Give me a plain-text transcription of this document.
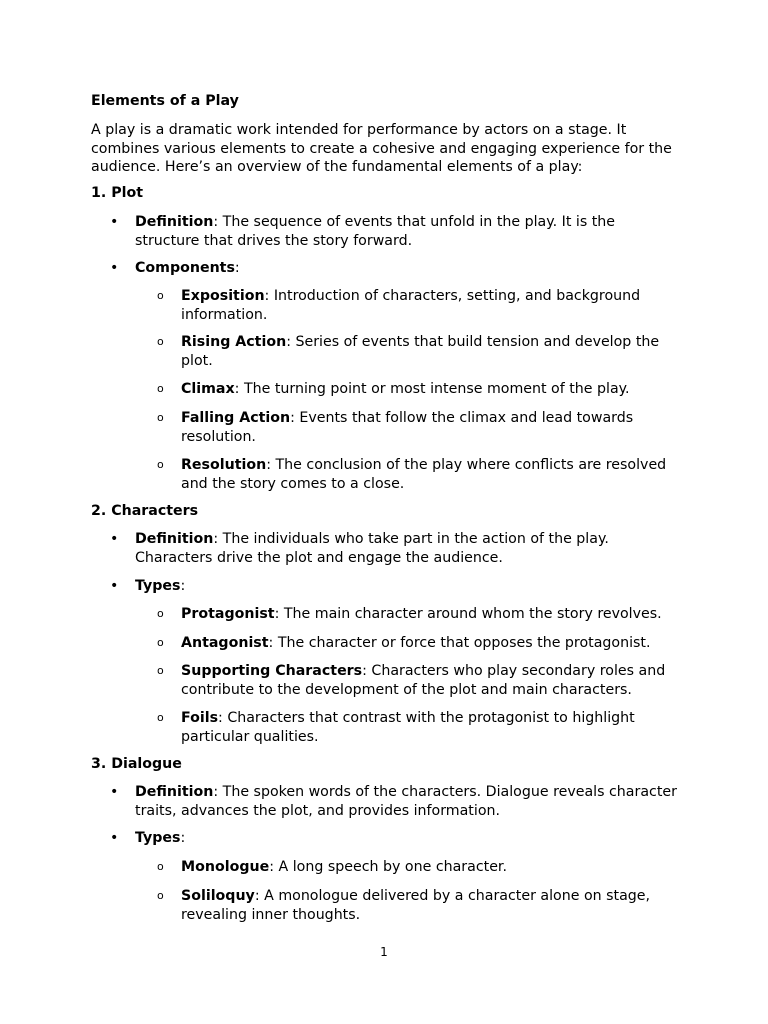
Elements of a Play
A play is a dramatic work intended for performance by actors on a stage. It combines various elements to create a cohesive and engaging experience for the audience. Here’s an overview of the fundamental elements of a play:
1. Plot
• Definition: The sequence of events that unfold in the play. It is the structure that drives the story forward.
• Components:
o Exposition: Introduction of characters, setting, and background information.
o Rising Action: Series of events that build tension and develop the plot.
o Climax: The turning point or most intense moment of the play.
o Falling Action: Events that follow the climax and lead towards resolution.
o Resolution: The conclusion of the play where conflicts are resolved and the story comes to a close.
2. Characters
• Definition: The individuals who take part in the action of the play. Characters drive the plot and engage the audience.
• Types:
o Protagonist: The main character around whom the story revolves.
o Antagonist: The character or force that opposes the protagonist.
o Supporting Characters: Characters who play secondary roles and contribute to the development of the plot and main characters.
o Foils: Characters that contrast with the protagonist to highlight particular qualities.
3. Dialogue
• Definition: The spoken words of the characters. Dialogue reveals character traits, advances the plot, and provides information.
• Types:
o Monologue: A long speech by one character.
o Soliloquy: A monologue delivered by a character alone on stage, revealing inner thoughts.
1
